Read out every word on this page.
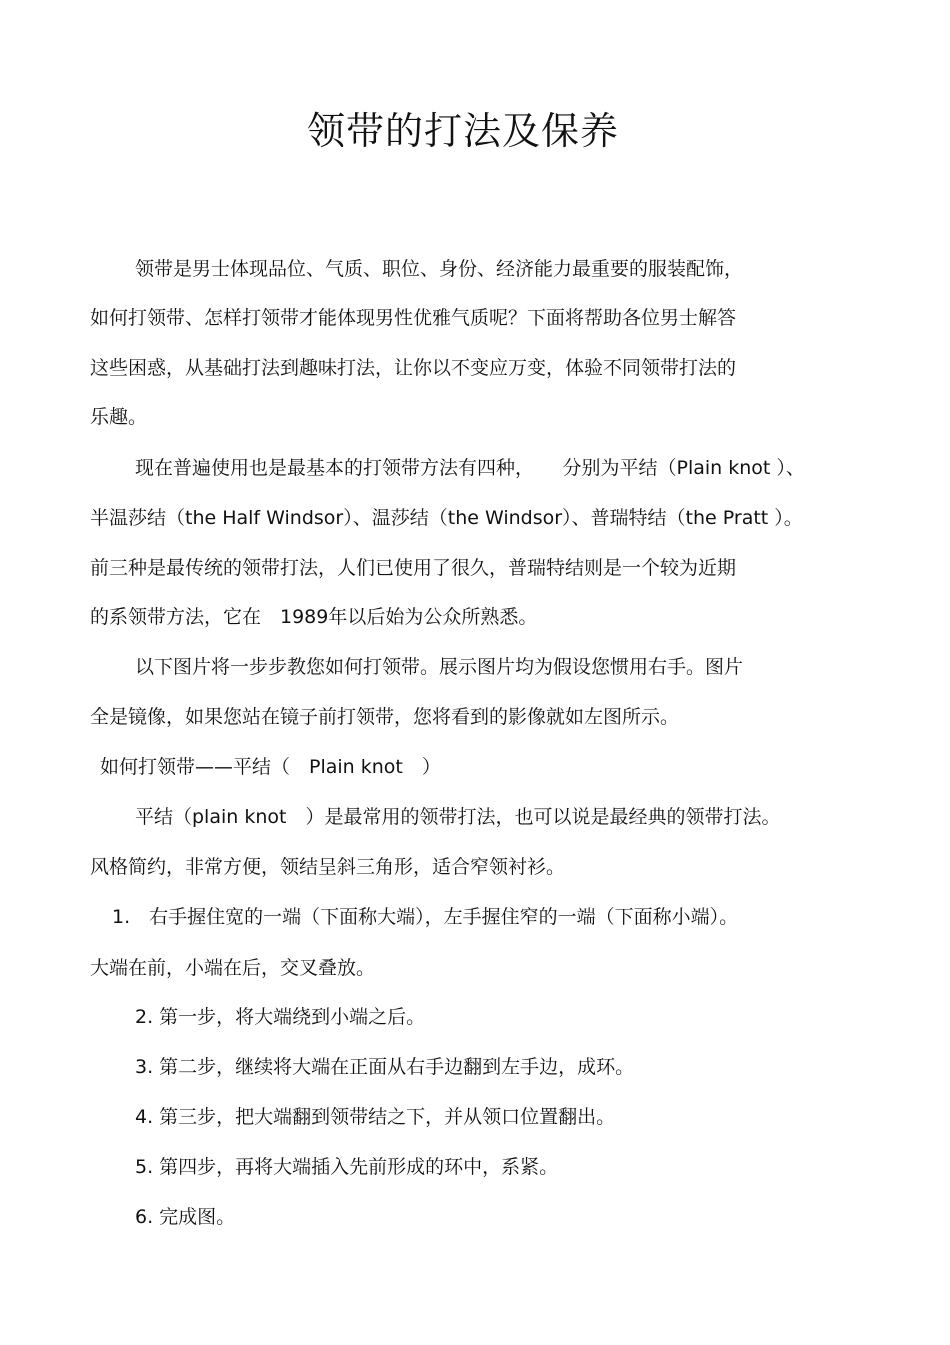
领带的打法及保养
领带是男士体现品位、气质、职位、身份、经济能力最重要的服装配饰，
如何打领带、怎样打领带才能体现男性优雅气质呢？下面将帮助各位男士解答
这些困惑，从基础打法到趣味打法，让你以不变应万变，体验不同领带打法的
乐趣。
现在普遍使用也是最基本的打领带方法有四种，　　分别为平结（Plain knot ）、
半温莎结（the Half Windsor）、温莎结（the Windsor）、普瑞特结（the Pratt ）。
前三种是最传统的领带打法，人们已使用了很久，普瑞特结则是一个较为近期
的系领带方法，它在　1989年以后始为公众所熟悉。
以下图片将一步步教您如何打领带。展示图片均为假设您惯用右手。图片
全是镜像，如果您站在镜子前打领带，您将看到的影像就如左图所示。
如何打领带——平结（　Plain knot　）
平结（plain knot　）是最常用的领带打法，也可以说是最经典的领带打法。
风格简约，非常方便，领结呈斜三角形，适合窄领衬衫。
1.　右手握住宽的一端（下面称大端），左手握住窄的一端（下面称小端）。
大端在前，小端在后，交叉叠放。
2. 第一步，将大端绕到小端之后。
3. 第二步，继续将大端在正面从右手边翻到左手边，成环。
4. 第三步，把大端翻到领带结之下，并从领口位置翻出。
5. 第四步，再将大端插入先前形成的环中，系紧。
6. 完成图。
